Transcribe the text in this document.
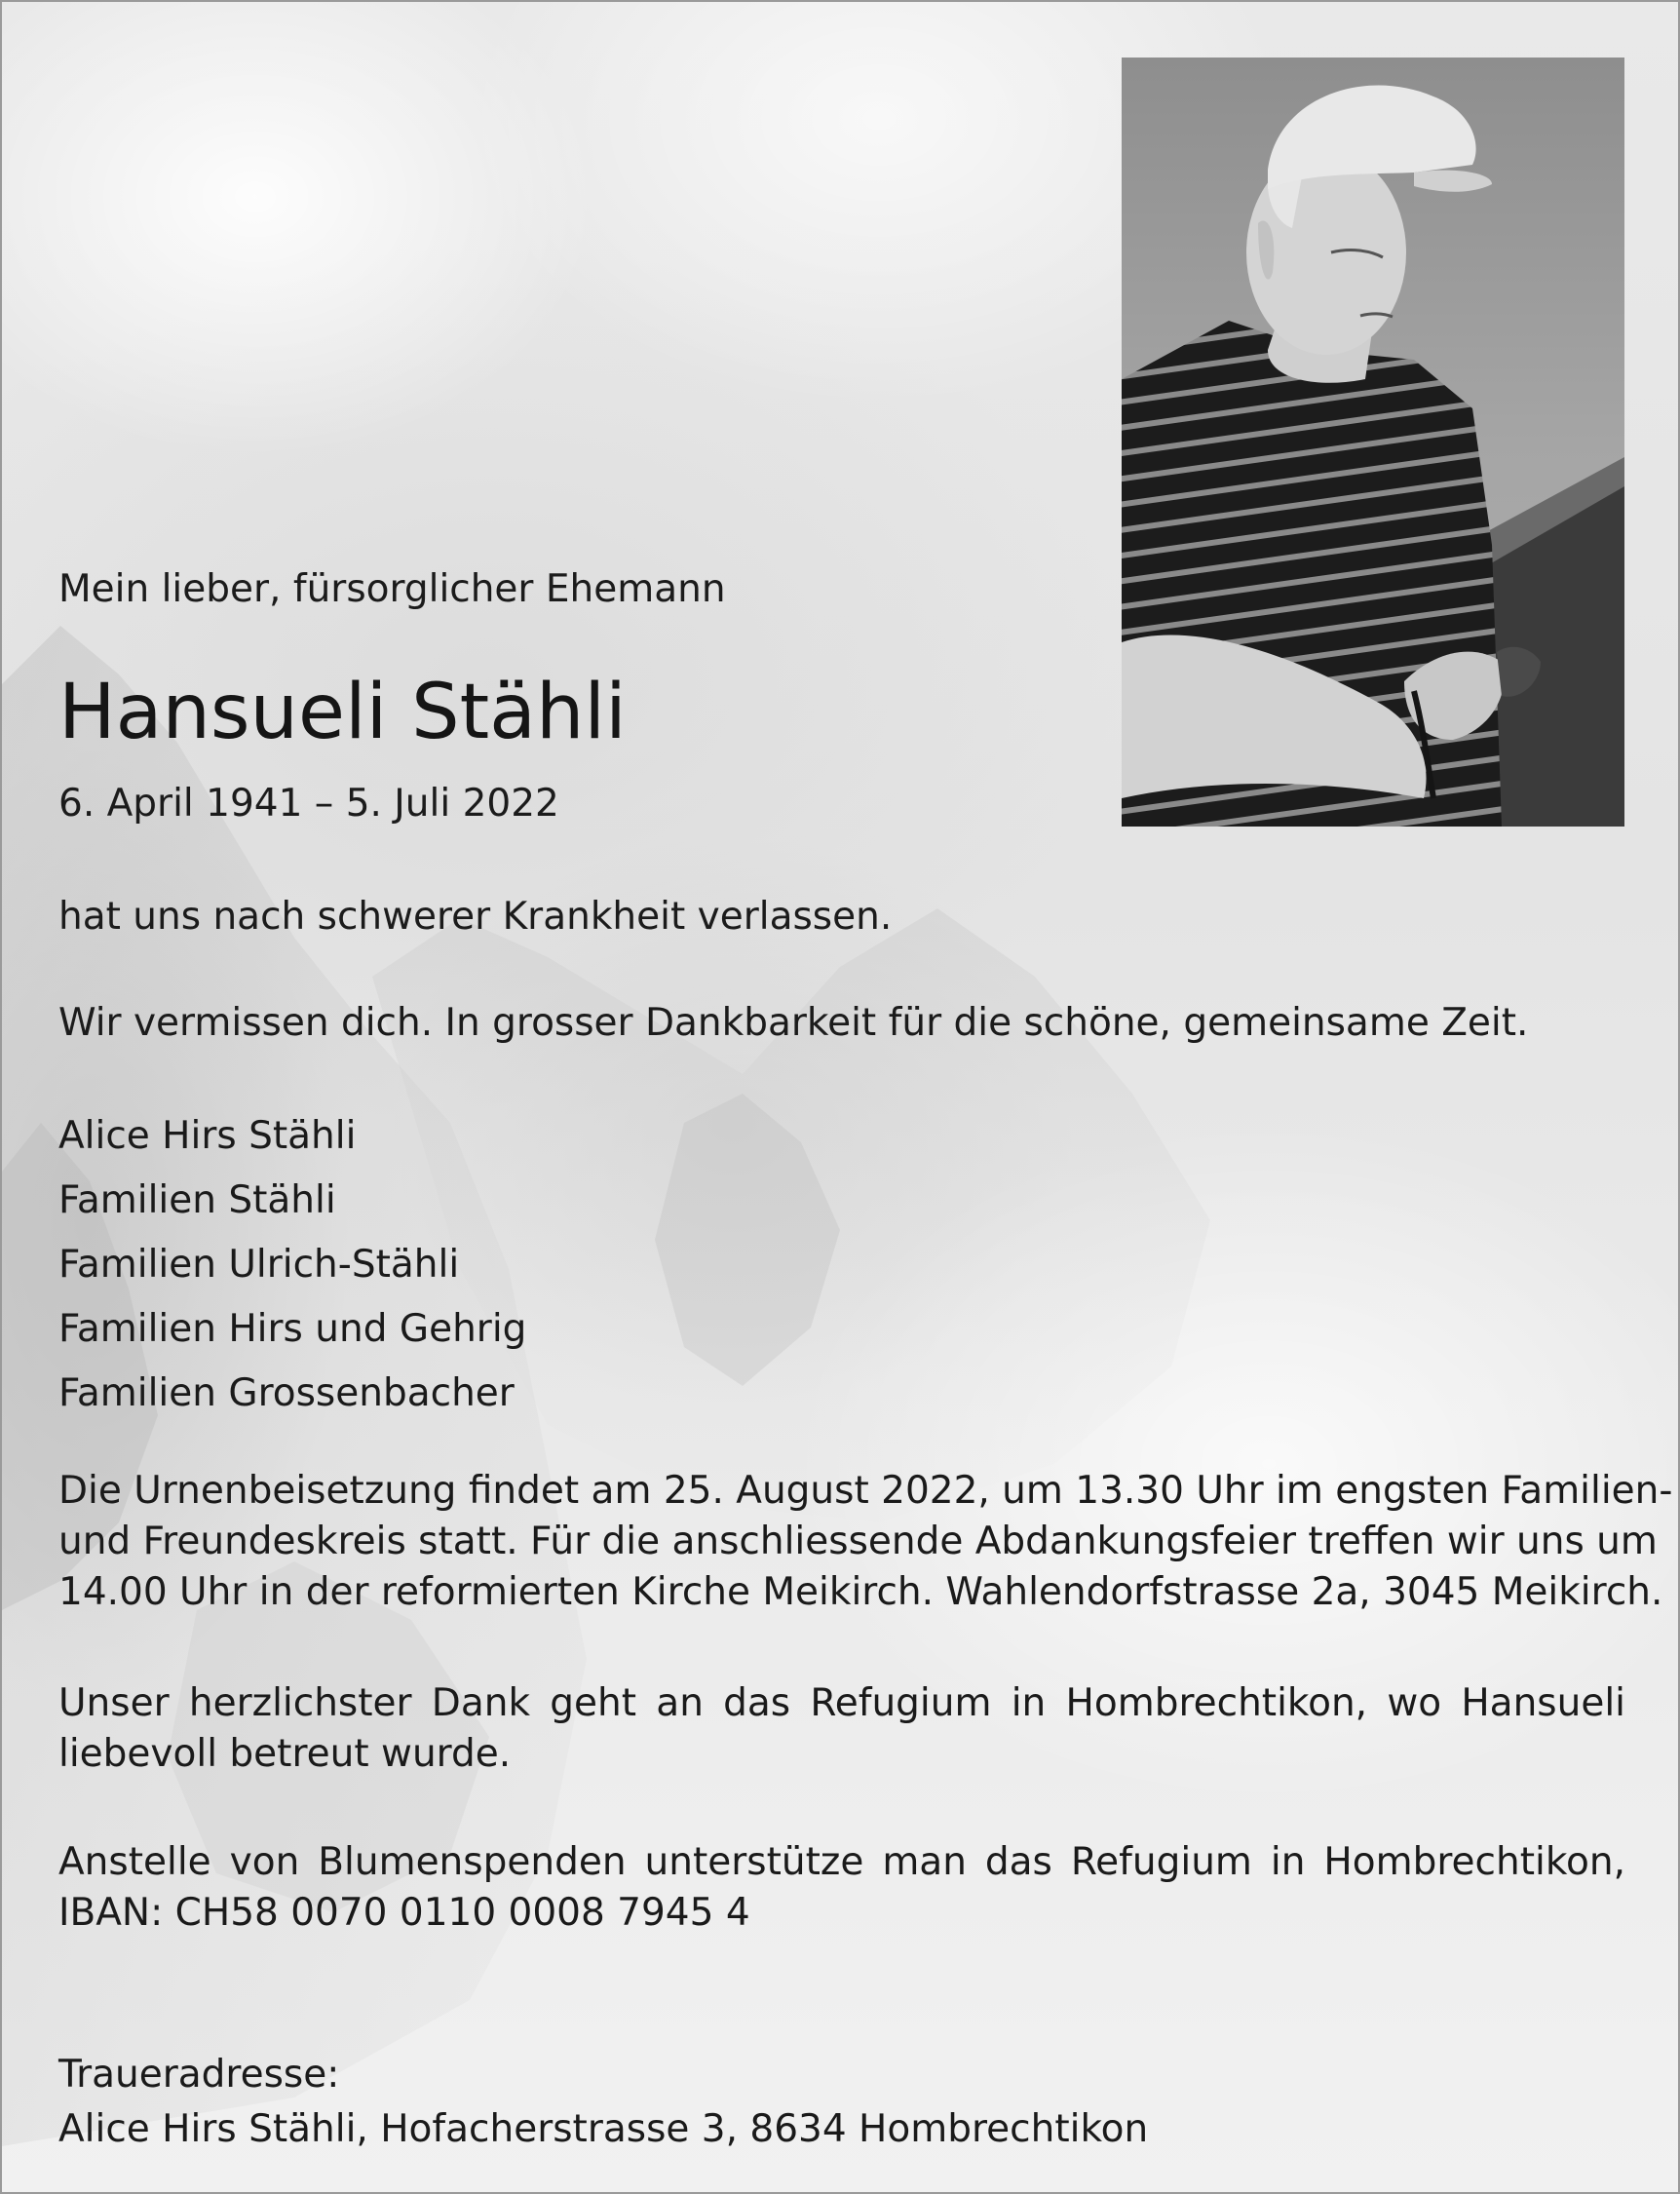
Mein lieber, fürsorglicher Ehemann
Hansueli Stähli
6. April 1941 – 5. Juli 2022
hat uns nach schwerer Krankheit verlassen.
Wir vermissen dich. In grosser Dankbarkeit für die schöne, gemeinsame Zeit.
Alice Hirs Stähli
Familien Stähli
Familien Ulrich-Stähli
Familien Hirs und Gehrig
Familien Grossenbacher
Die Urnenbeisetzung findet am 25. August 2022, um 13.30 Uhr im engsten Familien-
und Freundeskreis statt. Für die anschliessende Abdankungsfeier treffen wir uns um
14.00 Uhr in der reformierten Kirche Meikirch. Wahlendorfstrasse 2a, 3045 Meikirch.
Unser herzlichster Dank geht an das Refugium in Hombrechtikon, wo Hansueli
liebevoll betreut wurde.
Anstelle von Blumenspenden unterstütze man das Refugium in Hombrechtikon,
IBAN: CH58 0070 0110 0008 7945 4
Traueradresse:
Alice Hirs Stähli, Hofacherstrasse 3, 8634 Hombrechtikon
